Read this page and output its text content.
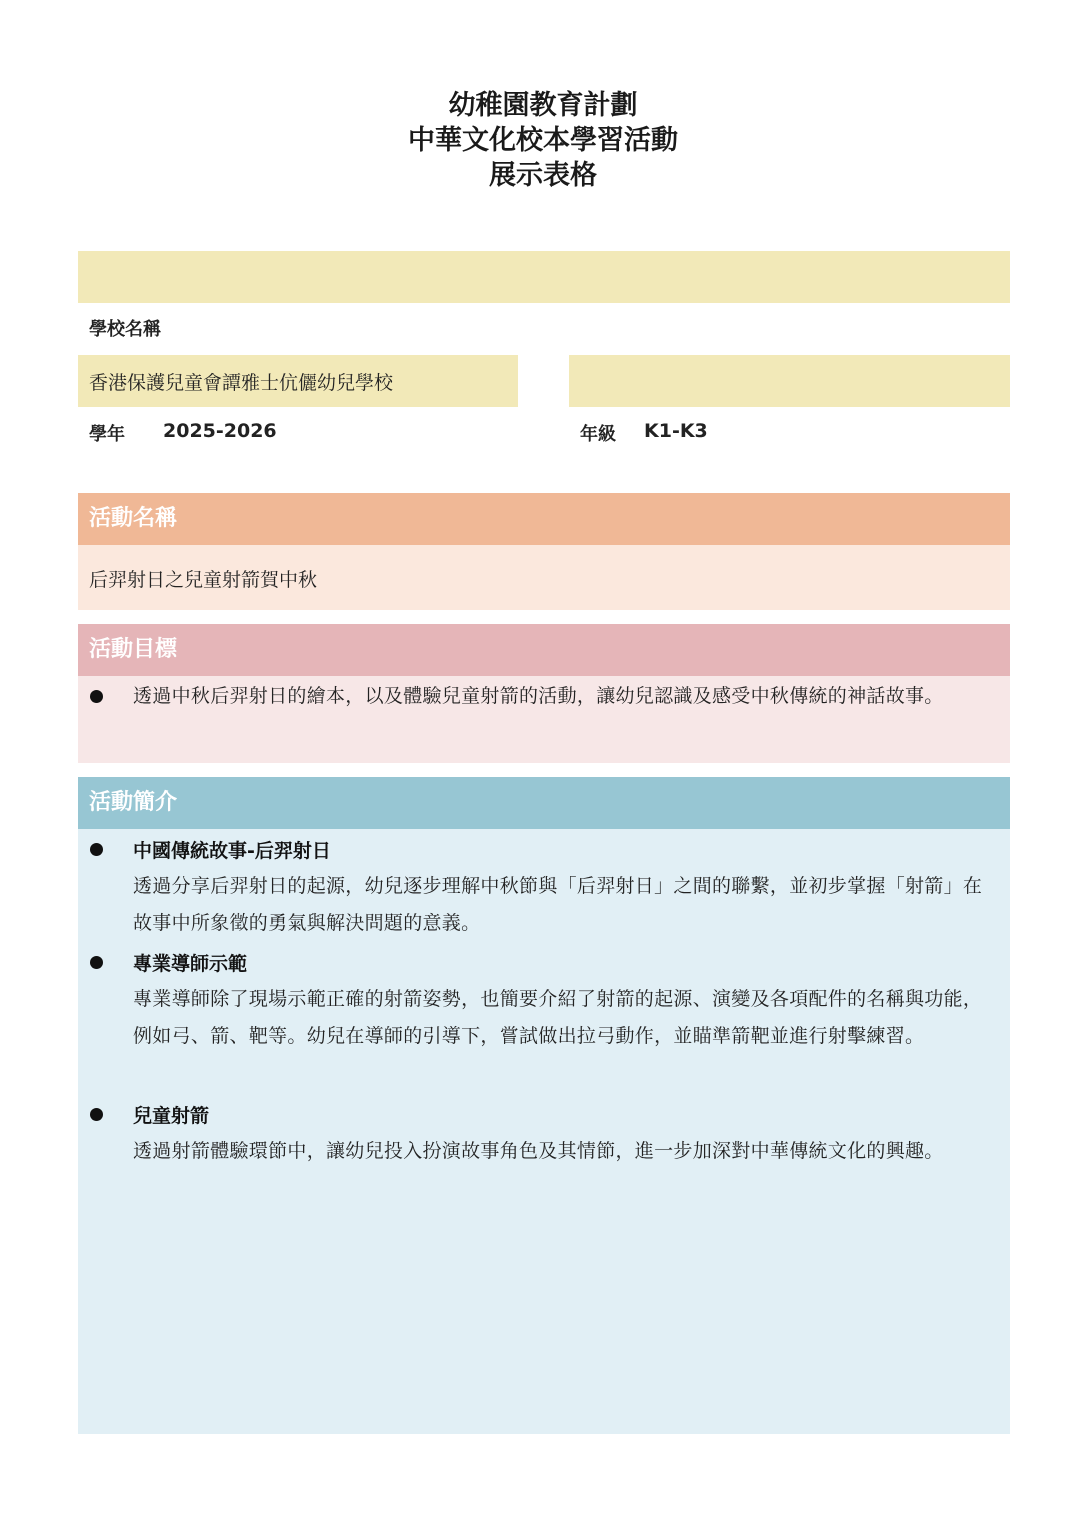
幼稚園教育計劃
中華文化校本學習活動
展示表格
學校名稱
香港保護兒童會譚雅士伉儷幼兒學校
學年 2025-2026	年級 K1-K3
活動名稱
后羿射日之兒童射箭賀中秋
活動目標
透過中秋后羿射日的繪本，以及體驗兒童射箭的活動，讓幼兒認識及感受中秋傳統的神話故事。
活動簡介
中國傳統故事-后羿射日
透過分享后羿射日的起源，幼兒逐步理解中秋節與「后羿射日」之間的聯繫，並初步掌握「射箭」在故事中所象徵的勇氣與解決問題的意義。
專業導師示範
專業導師除了現場示範正確的射箭姿勢，也簡要介紹了射箭的起源、演變及各項配件的名稱與功能，例如弓、箭、靶等。幼兒在導師的引導下，嘗試做出拉弓動作，並瞄準箭靶並進行射擊練習。
兒童射箭
透過射箭體驗環節中，讓幼兒投入扮演故事角色及其情節，進一步加深對中華傳統文化的興趣。
